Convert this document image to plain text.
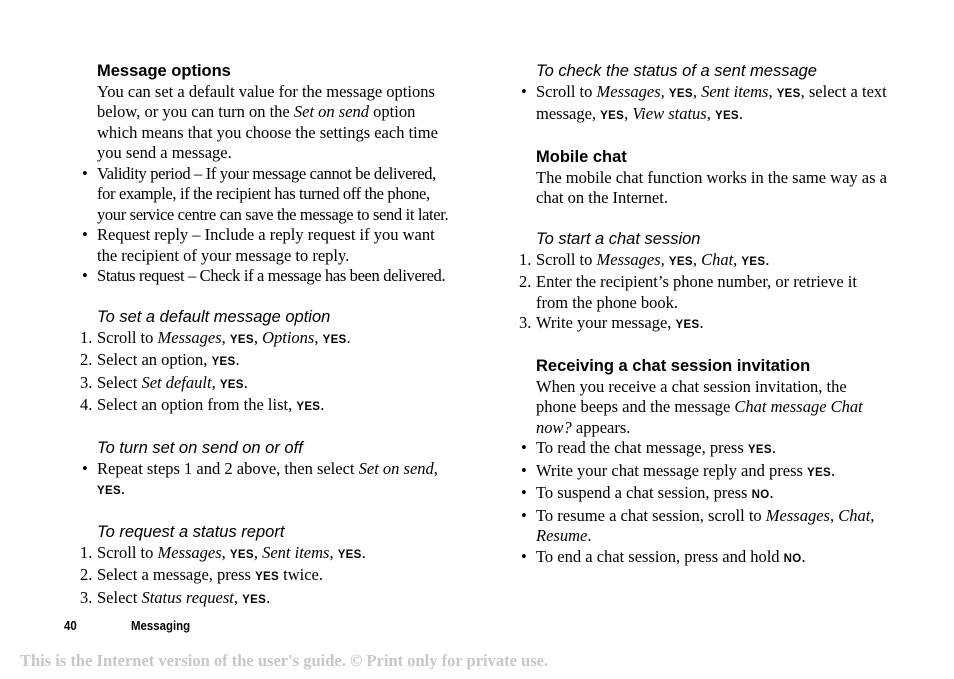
Message options

You can set a default value for the message options
below, or you can turn on the Set on send option
which means that you choose the settings each time
you send a message.

• Validity period – If your message cannot be delivered,
for example, if the recipient has turned off the phone,
your service centre can save the message to send it later.
• Request reply – Include a reply request if you want
the recipient of your message to reply.
• Status request – Check if a message has been delivered.

To set a default message option

1. Scroll to Messages, YES, Options, YES.
2. Select an option, YES.
3. Select Set default, YES.
4. Select an option from the list, YES.

To turn set on send on or off

• Repeat steps 1 and 2 above, then select Set on send,
YES.

To request a status report

1. Scroll to Messages, YES, Sent items, YES.
2. Select a message, press YES twice.
3. Select Status request, YES.

To check the status of a sent message

• Scroll to Messages, YES, Sent items, YES, select a text
message, YES, View status, YES.

Mobile chat

The mobile chat function works in the same way as a
chat on the Internet.

To start a chat session

1. Scroll to Messages, YES, Chat, YES.
2. Enter the recipient’s phone number, or retrieve it
from the phone book.
3. Write your message, YES.

Receiving a chat session invitation

When you receive a chat session invitation, the
phone beeps and the message Chat message Chat
now? appears.

• To read the chat message, press YES.
• Write your chat message reply and press YES.
• To suspend a chat session, press NO.
• To resume a chat session, scroll to Messages, Chat,
Resume.
• To end a chat session, press and hold NO.
40	Messaging
This is the Internet version of the user's guide. © Print only for private use.
